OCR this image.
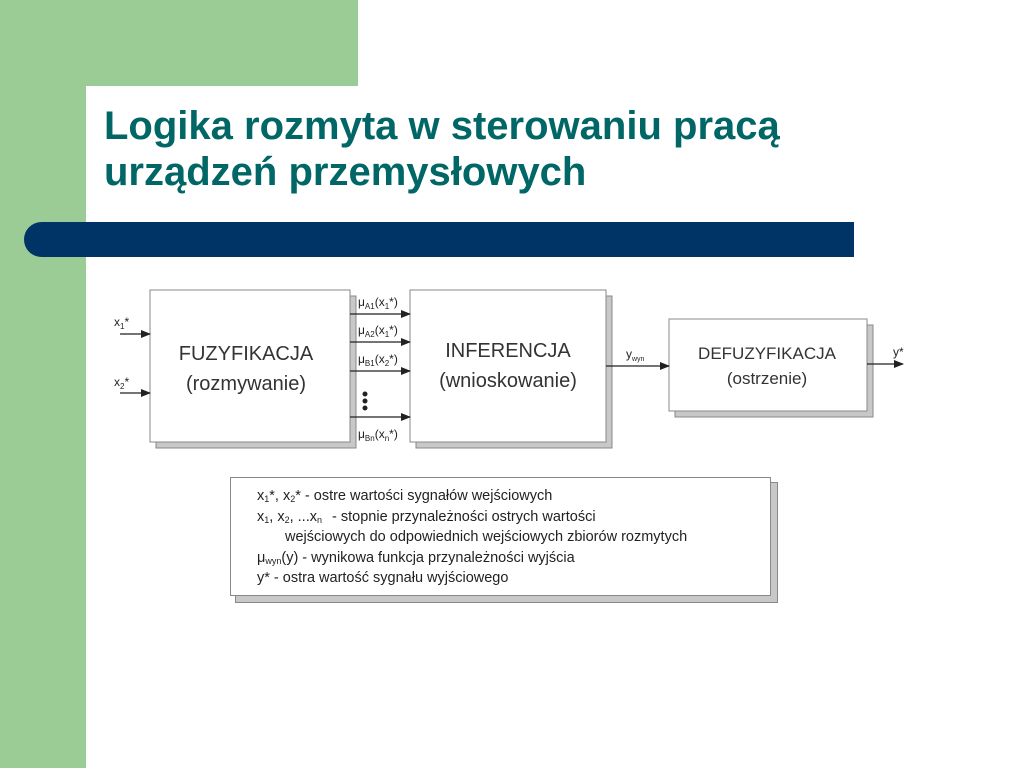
Logika rozmyta w sterowaniu pracą
urządzeń przemysłowych
FUZYFIKACJA
(rozmywanie)
INFERENCJA
(wnioskowanie)
DEFUZYFIKACJA
(ostrzenie)
$x_1*$
$x_2*$
$\mu_{A1}(x_1*)$
$\mu_{A2}(x_1*)$
$\mu_{B1}(x_2*)$
$\mu_{Bn}(x_n*)$
$y_{wyn}$
y*
$x_1*$, $x_2*$ - ostre wartości sygnałów wejściowych
$x_1$, $x_2$, $...x_n$ - stopnie przynależności ostrych wartości
wejściowych do odpowiednich wejściowych zbiorów rozmytych
$\mu_{wyn}(y)$ - wynikowa funkcja przynależności wyjścia
y* - ostra wartość sygnału wyjściowego
